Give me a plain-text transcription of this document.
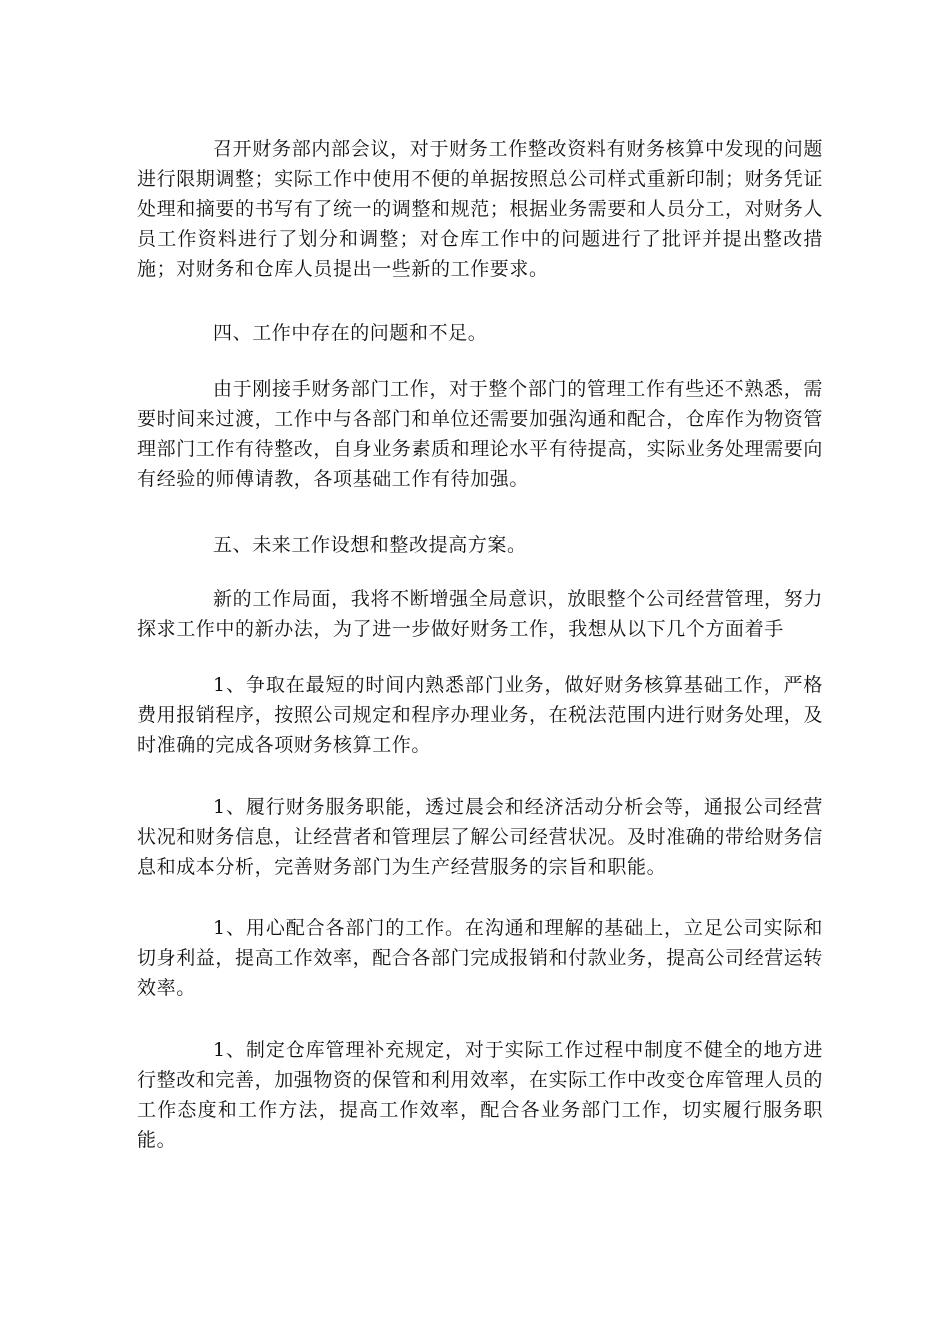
召开财务部内部会议，对于财务工作整改资料有财务核算中发现的问题进行限期调整；实际工作中使用不便的单据按照总公司样式重新印制；财务凭证处理和摘要的书写有了统一的调整和规范；根据业务需要和人员分工，对财务人员工作资料进行了划分和调整；对仓库工作中的问题进行了批评并提出整改措施；对财务和仓库人员提出一些新的工作要求。

四、工作中存在的问题和不足。

由于刚接手财务部门工作，对于整个部门的管理工作有些还不熟悉，需要时间来过渡，工作中与各部门和单位还需要加强沟通和配合，仓库作为物资管理部门工作有待整改，自身业务素质和理论水平有待提高，实际业务处理需要向有经验的师傅请教，各项基础工作有待加强。

五、未来工作设想和整改提高方案。

新的工作局面，我将不断增强全局意识，放眼整个公司经营管理，努力探求工作中的新办法，为了进一步做好财务工作，我想从以下几个方面着手

1、争取在最短的时间内熟悉部门业务，做好财务核算基础工作，严格费用报销程序，按照公司规定和程序办理业务，在税法范围内进行财务处理，及时准确的完成各项财务核算工作。

1、履行财务服务职能，透过晨会和经济活动分析会等，通报公司经营状况和财务信息，让经营者和管理层了解公司经营状况。及时准确的带给财务信息和成本分析，完善财务部门为生产经营服务的宗旨和职能。

1、用心配合各部门的工作。在沟通和理解的基础上，立足公司实际和切身利益，提高工作效率，配合各部门完成报销和付款业务，提高公司经营运转效率。

1、制定仓库管理补充规定，对于实际工作过程中制度不健全的地方进行整改和完善，加强物资的保管和利用效率，在实际工作中改变仓库管理人员的工作态度和工作方法，提高工作效率，配合各业务部门工作，切实履行服务职能。
